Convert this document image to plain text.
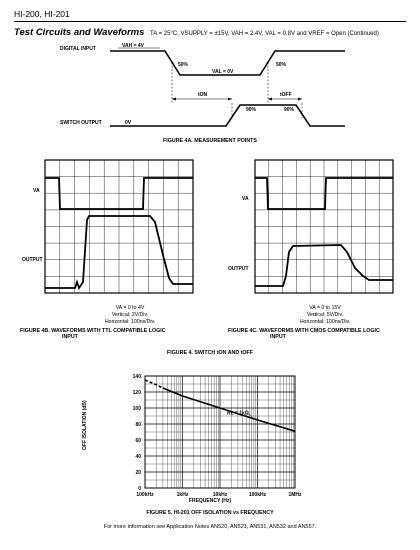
HI-200, HI-201
Test Circuits and Waveforms TA = 25°C, VSUPPLY = ±15V, VAH = 2.4V, VAL = 0.8V and VREF = Open (Continued)
DIGITAL INPUT
SWITCH OUTPUT
VAH = 4V
50%
VAL = 0V
50%
tON	tOFF
90%	90%
0V
FIGURE 4A. MEASUREMENT POINTS
VA
OUTPUT
VA = 0 to 4V
Vertical: 2V/Div.
Horizontal: 100ns/Div.
FIGURE 4B. WAVEFORMS WITH TTL COMPATIBLE LOGIC
INPUT
VA
OUTPUT
VA = 0 to 15V
Vertical: 5V/Div.
Horizontal: 100ns/Div.
FIGURE 4C. WAVEFORMS WITH CMOS COMPATIBLE LOGIC
INPUT
FIGURE 4. SWITCH tON AND tOFF
0
20
40
60
80
100
120
140
100kHz	1kHz	10kHz	100kHz	1MHz
RL = 1kΩ
OFF ISOLATION (dB)
FREQUENCY (Hz)
FIGURE 5. HI-201 OFF ISOLATION vs FREQUENCY
For more information see Application Notes AN520, AN521, AN531, AN532 and AN557.
